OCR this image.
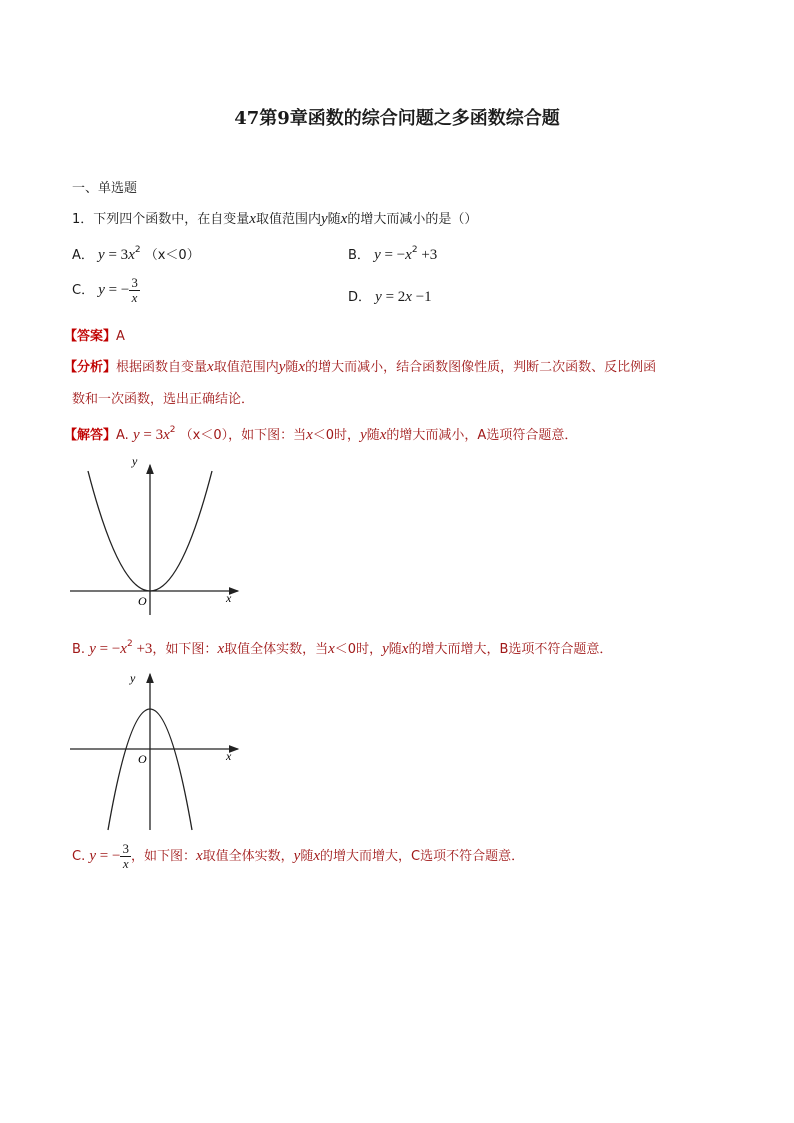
47第9章函数的综合问题之多函数综合题
一、单选题
1．下列四个函数中，在自变量x取值范围内y随x的增大而减小的是（）
A． $y = 3x^2$ （x＜0）	B． $y = -x^2 +3$
C． y = − $\frac{3}{x}$	D． y = 2x −1
【答案】A
【分析】根据函数自变量x取值范围内y随x的增大而减小，结合函数图像性质，判断二次函数、反比例函
数和一次函数，选出正确结论．
【解答】A. $y = 3x^2$ （x＜0），如下图：当x＜0时，y随x的增大而减小，A选项符合题意．
y
x
O
B. $y = -x^2 +3$，如下图：x取值全体实数，当x＜0时，y随x的增大而增大，B选项不符合题意．
y
x
O
C. y = − $\frac{3}{x}$ ，如下图：x取值全体实数，y随x的增大而增大，C选项不符合题意．
